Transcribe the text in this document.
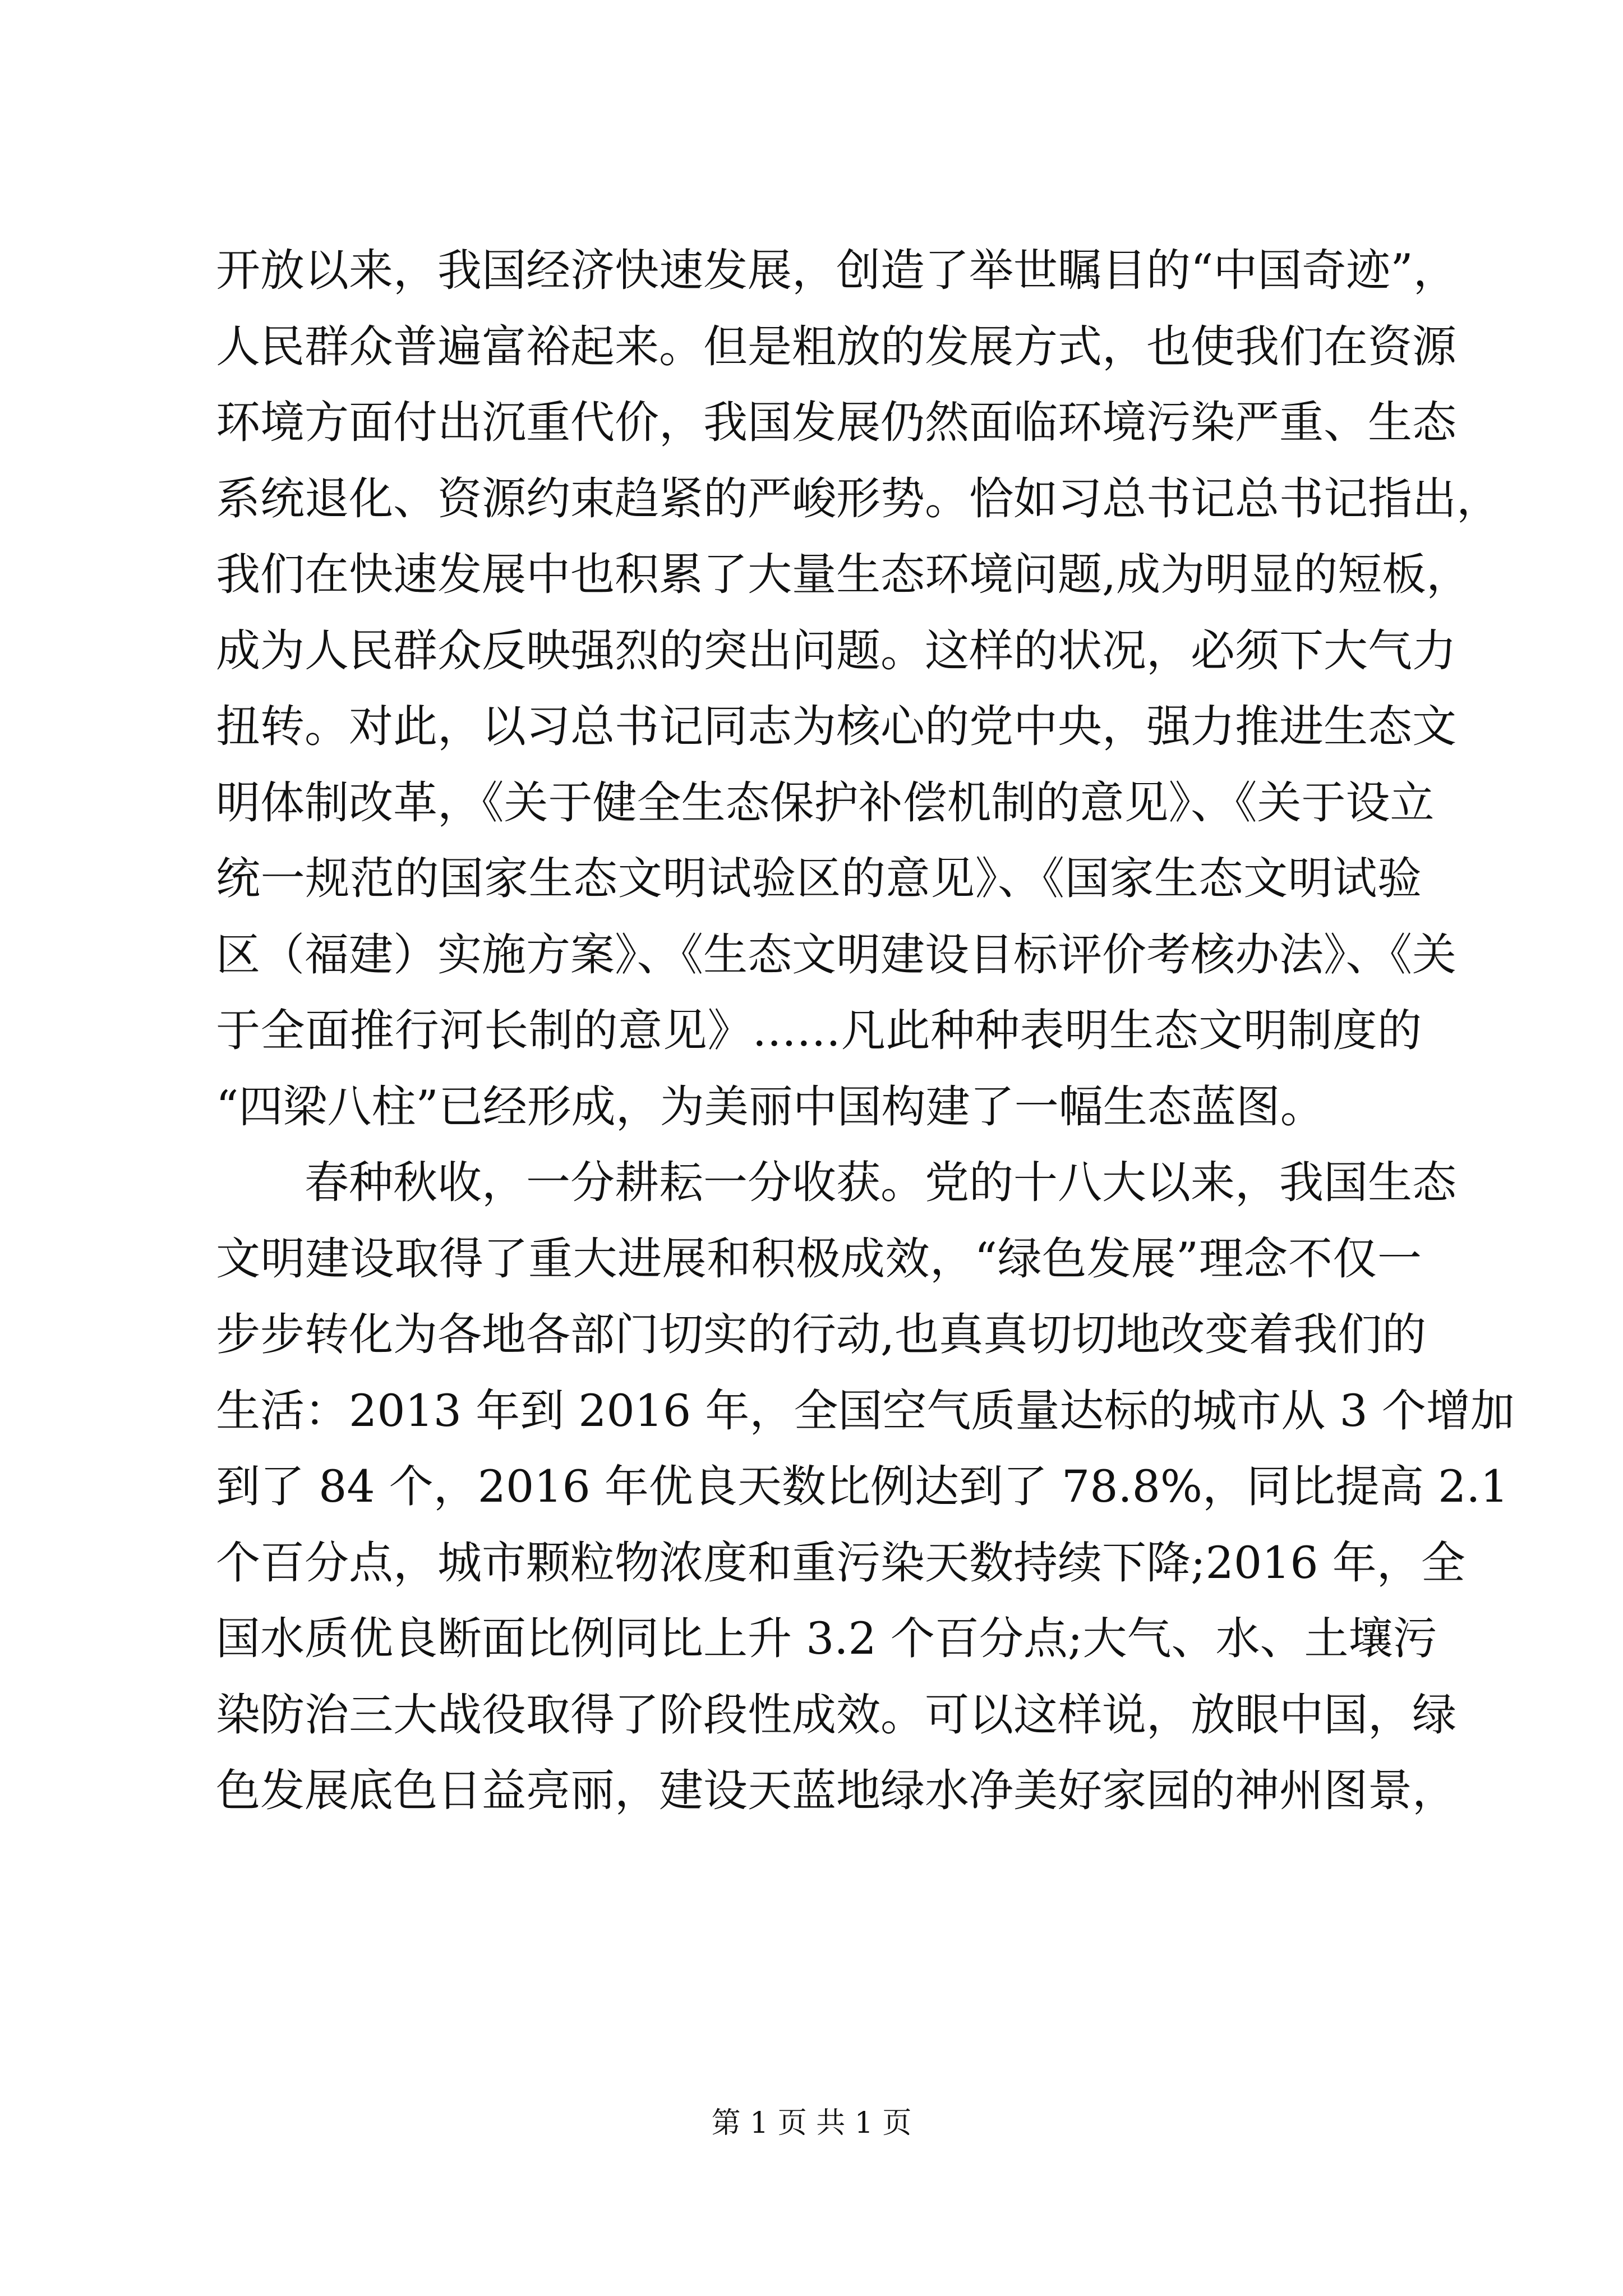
开放以来，我国经济快速发展，创造了举世瞩目的“中国奇迹”，
人民群众普遍富裕起来。但是粗放的发展方式，也使我们在资源
环境方面付出沉重代价，我国发展仍然面临环境污染严重、生态
系统退化、资源约束趋紧的严峻形势。恰如习总书记总书记指出，
我们在快速发展中也积累了大量生态环境问题,成为明显的短板，
成为人民群众反映强烈的突出问题。这样的状况，必须下大气力
扭转。对此，以习总书记同志为核心的党中央，强力推进生态文
明体制改革，《关于健全生态保护补偿机制的意见》、《关于设立
统一规范的国家生态文明试验区的意见》、《国家生态文明试验
区（福建）实施方案》、《生态文明建设目标评价考核办法》、《关
于全面推行河长制的意见》……凡此种种表明生态文明制度的
“四梁八柱”已经形成，为美丽中国构建了一幅生态蓝图。
春种秋收，一分耕耘一分收获。党的十八大以来，我国生态
文明建设取得了重大进展和积极成效，“绿色发展”理念不仅一
步步转化为各地各部门切实的行动,也真真切切地改变着我们的
生活：2013 年到 2016 年，全国空气质量达标的城市从 3 个增加
到了 84 个，2016 年优良天数比例达到了 78.8%，同比提高 2.1
个百分点，城市颗粒物浓度和重污染天数持续下降;2016 年，全
国水质优良断面比例同比上升 3.2 个百分点;大气、水、土壤污
染防治三大战役取得了阶段性成效。可以这样说，放眼中国，绿
色发展底色日益亮丽，建设天蓝地绿水净美好家园的神州图景，
第 1 页 共 1 页
